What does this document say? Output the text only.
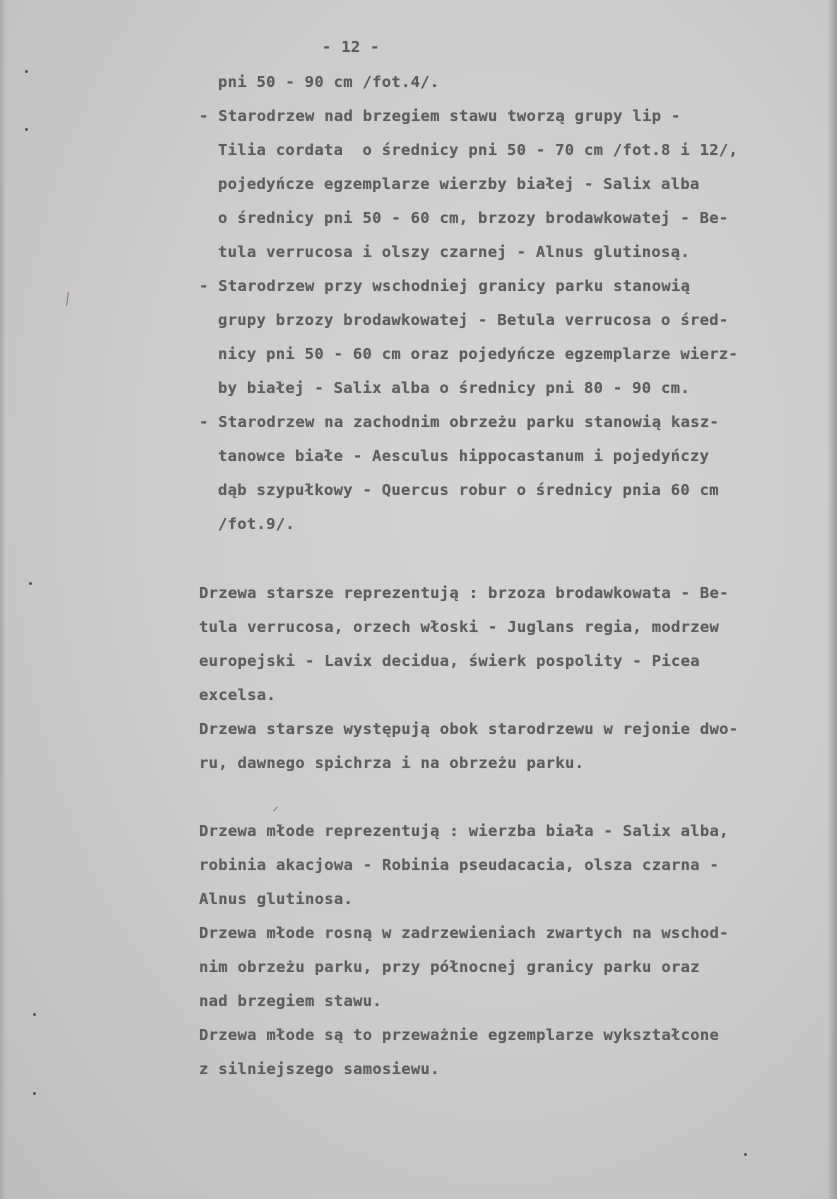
- 12 -

pni 50 - 90 cm /fot.4/.

- Starodrzew nad brzegiem stawu tworzą grupy lip -

Tilia cordata  o średnicy pni 50 - 70 cm /fot.8 i 12/,

pojedyńcze egzemplarze wierzby białej - Salix alba

o średnicy pni 50 - 60 cm, brzozy brodawkowatej - Be-

tula verrucosa i olszy czarnej - Alnus glutinosą.

- Starodrzew przy wschodniej granicy parku stanowią

grupy brzozy brodawkowatej - Betula verrucosa o śred-

nicy pni 50 - 60 cm oraz pojedyńcze egzemplarze wierz-

by białej - Salix alba o średnicy pni 80 - 90 cm.

- Starodrzew na zachodnim obrzeżu parku stanowią kasz-

tanowce białe - Aesculus hippocastanum i pojedyńczy

dąb szypułkowy - Quercus robur o średnicy pnia 60 cm

/fot.9/.

Drzewa starsze reprezentują : brzoza brodawkowata - Be-

tula verrucosa, orzech włoski - Juglans regia, modrzew

europejski - Lavix decidua, świerk pospolity - Picea

excelsa.

Drzewa starsze występują obok starodrzewu w rejonie dwo-

ru, dawnego spichrza i na obrzeżu parku.

Drzewa młode reprezentują : wierzba biała - Salix alba,

robinia akacjowa - Robinia pseudacacia, olsza czarna -

Alnus glutinosa.

Drzewa młode rosną w zadrzewieniach zwartych na wschod-

nim obrzeżu parku, przy północnej granicy parku oraz

nad brzegiem stawu.

Drzewa młode są to przeważnie egzemplarze wykształcone

z silniejszego samosiewu.
